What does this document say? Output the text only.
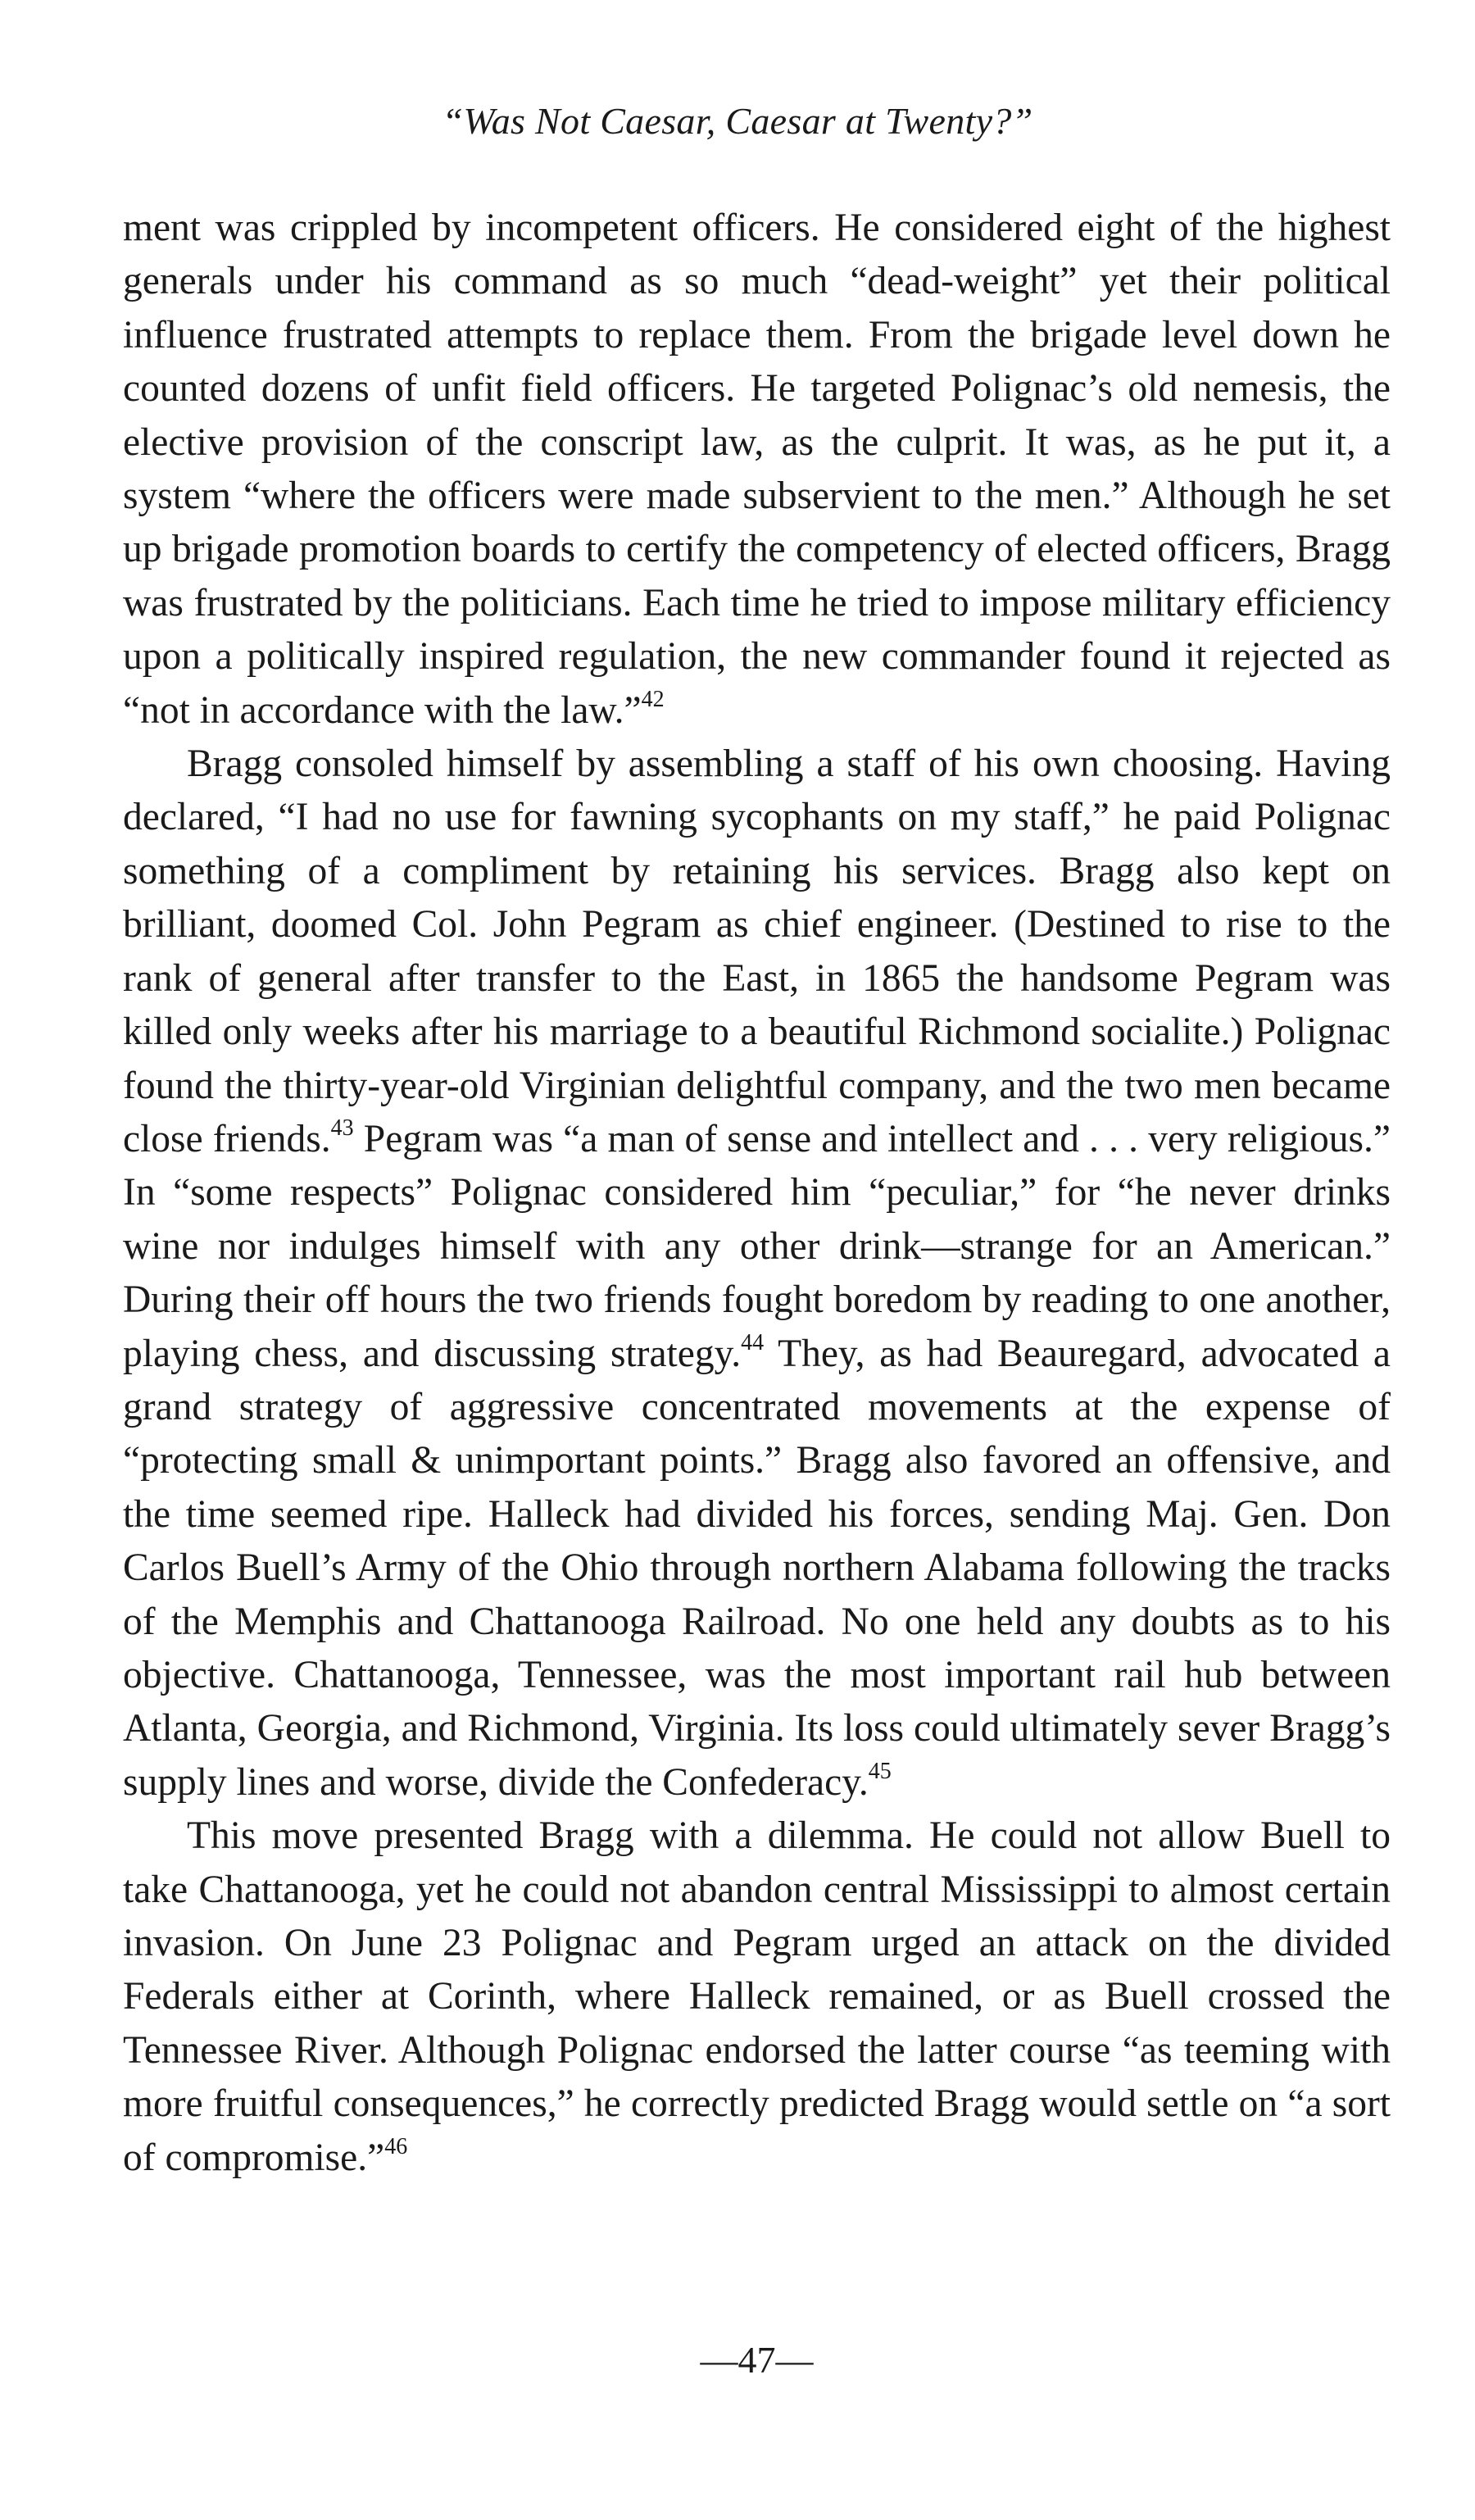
“Was Not Caesar, Caesar at Twenty?”

ment was crippled by incompetent officers. He considered eight of the highest generals under his command as so much “dead-weight” yet their political influence frustrated attempts to replace them. From the brigade level down he counted dozens of unfit field officers. He targeted Polignac’s old nemesis, the elective provision of the conscript law, as the culprit. It was, as he put it, a system “where the officers were made subservient to the men.” Although he set up brigade promotion boards to certify the competency of elected officers, Bragg was frustrated by the politicians. Each time he tried to impose military efficiency upon a politically inspired regulation, the new commander found it rejected as “not in accordance with the law.”$^{42}$

Bragg consoled himself by assembling a staff of his own choosing. Having declared, “I had no use for fawning sycophants on my staff,” he paid Polignac something of a compliment by retaining his services. Bragg also kept on brilliant, doomed Col. John Pegram as chief engineer. (Destined to rise to the rank of general after transfer to the East, in 1865 the handsome Pegram was killed only weeks after his marriage to a beautiful Richmond socialite.) Polignac found the thirty-year-old Virginian delightful company, and the two men became close friends.$^{43}$ Pegram was “a man of sense and intellect and . . . very religious.” In “some respects” Polignac considered him “peculiar,” for “he never drinks wine nor indulges himself with any other drink—strange for an American.” During their off hours the two friends fought boredom by reading to one another, playing chess, and discussing strategy.$^{44}$ They, as had Beauregard, advocated a grand strategy of aggressive concentrated movements at the expense of “protecting small & unimportant points.” Bragg also favored an offensive, and the time seemed ripe. Halleck had divided his forces, sending Maj. Gen. Don Carlos Buell’s Army of the Ohio through northern Alabama following the tracks of the Memphis and Chattanooga Railroad. No one held any doubts as to his objective. Chattanooga, Tennessee, was the most important rail hub between Atlanta, Georgia, and Richmond, Virginia. Its loss could ultimately sever Bragg’s supply lines and worse, divide the Confederacy.$^{45}$

This move presented Bragg with a dilemma. He could not allow Buell to take Chattanooga, yet he could not abandon central Mississippi to almost certain invasion. On June 23 Polignac and Pegram urged an attack on the divided Federals either at Corinth, where Halleck remained, or as Buell crossed the Tennessee River. Although Polignac endorsed the latter course “as teeming with more fruitful consequences,” he correctly predicted Bragg would settle on “a sort of compromise.”$^{46}$

—47—
